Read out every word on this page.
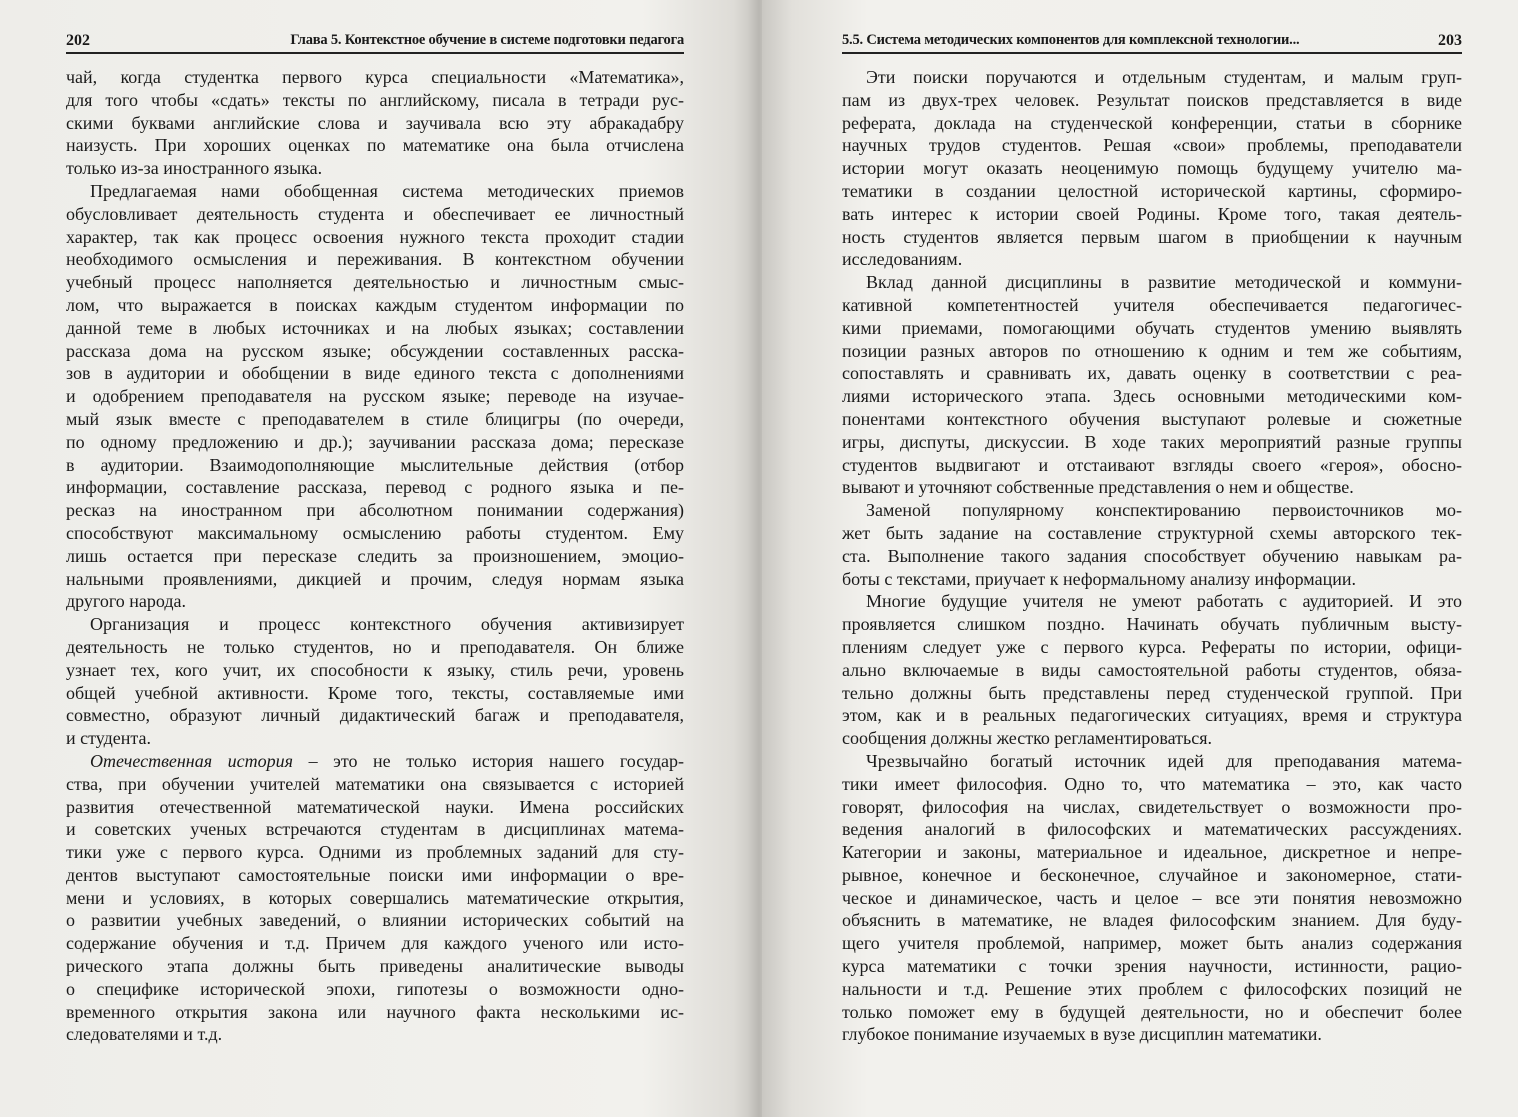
202	Глава 5. Контекстное обучение в системе подготовки педагога
чай, когда студентка первого курса специальности «Математика»,
для того чтобы «сдать» тексты по английскому, писала в тетради рус-
скими буквами английские слова и заучивала всю эту абракадабру
наизусть. При хороших оценках по математике она была отчислена
только из-за иностранного языка.
Предлагаемая нами обобщенная система методических приемов
обусловливает деятельность студента и обеспечивает ее личностный
характер, так как процесс освоения нужного текста проходит стадии
необходимого осмысления и переживания. В контекстном обучении
учебный процесс наполняется деятельностью и личностным смыс-
лом, что выражается в поисках каждым студентом информации по
данной теме в любых источниках и на любых языках; составлении
рассказа дома на русском языке; обсуждении составленных расска-
зов в аудитории и обобщении в виде единого текста с дополнениями
и одобрением преподавателя на русском языке; переводе на изучае-
мый язык вместе с преподавателем в стиле блицигры (по очереди,
по одному предложению и др.); заучивании рассказа дома; пересказе
в аудитории. Взаимодополняющие мыслительные действия (отбор
информации, составление рассказа, перевод с родного языка и пе-
ресказ на иностранном при абсолютном понимании содержания)
способствуют максимальному осмыслению работы студентом. Ему
лишь остается при пересказе следить за произношением, эмоцио-
нальными проявлениями, дикцией и прочим, следуя нормам языка
другого народа.
Организация и процесс контекстного обучения активизирует
деятельность не только студентов, но и преподавателя. Он ближе
узнает тех, кого учит, их способности к языку, стиль речи, уровень
общей учебной активности. Кроме того, тексты, составляемые ими
совместно, образуют личный дидактический багаж и преподавателя,
и студента.
Отечественная история – это не только история нашего государ-
ства, при обучении учителей математики она связывается с историей
развития отечественной математической науки. Имена российских
и советских ученых встречаются студентам в дисциплинах матема-
тики уже с первого курса. Одними из проблемных заданий для сту-
дентов выступают самостоятельные поиски ими информации о вре-
мени и условиях, в которых совершались математические открытия,
о развитии учебных заведений, о влиянии исторических событий на
содержание обучения и т.д. Причем для каждого ученого или исто-
рического этапа должны быть приведены аналитические выводы
о специфике исторической эпохи, гипотезы о возможности одно-
временного открытия закона или научного факта несколькими ис-
следователями и т.д.
5.5. Система методических компонентов для комплексной технологии...	203
Эти поиски поручаются и отдельным студентам, и малым груп-
пам из двух-трех человек. Результат поисков представляется в виде
реферата, доклада на студенческой конференции, статьи в сборнике
научных трудов студентов. Решая «свои» проблемы, преподаватели
истории могут оказать неоценимую помощь будущему учителю ма-
тематики в создании целостной исторической картины, сформиро-
вать интерес к истории своей Родины. Кроме того, такая деятель-
ность студентов является первым шагом в приобщении к научным
исследованиям.
Вклад данной дисциплины в развитие методической и коммуни-
кативной компетентностей учителя обеспечивается педагогичес-
кими приемами, помогающими обучать студентов умению выявлять
позиции разных авторов по отношению к одним и тем же событиям,
сопоставлять и сравнивать их, давать оценку в соответствии с реа-
лиями исторического этапа. Здесь основными методическими ком-
понентами контекстного обучения выступают ролевые и сюжетные
игры, диспуты, дискуссии. В ходе таких мероприятий разные группы
студентов выдвигают и отстаивают взгляды своего «героя», обосно-
вывают и уточняют собственные представления о нем и обществе.
Заменой популярному конспектированию первоисточников мо-
жет быть задание на составление структурной схемы авторского тек-
ста. Выполнение такого задания способствует обучению навыкам ра-
боты с текстами, приучает к неформальному анализу информации.
Многие будущие учителя не умеют работать с аудиторией. И это
проявляется слишком поздно. Начинать обучать публичным высту-
плениям следует уже с первого курса. Рефераты по истории, офици-
ально включаемые в виды самостоятельной работы студентов, обяза-
тельно должны быть представлены перед студенческой группой. При
этом, как и в реальных педагогических ситуациях, время и структура
сообщения должны жестко регламентироваться.
Чрезвычайно богатый источник идей для преподавания матема-
тики имеет философия. Одно то, что математика – это, как часто
говорят, философия на числах, свидетельствует о возможности про-
ведения аналогий в философских и математических рассуждениях.
Категории и законы, материальное и идеальное, дискретное и непре-
рывное, конечное и бесконечное, случайное и закономерное, стати-
ческое и динамическое, часть и целое – все эти понятия невозможно
объяснить в математике, не владея философским знанием. Для буду-
щего учителя проблемой, например, может быть анализ содержания
курса математики с точки зрения научности, истинности, рацио-
нальности и т.д. Решение этих проблем с философских позиций не
только поможет ему в будущей деятельности, но и обеспечит более
глубокое понимание изучаемых в вузе дисциплин математики.
